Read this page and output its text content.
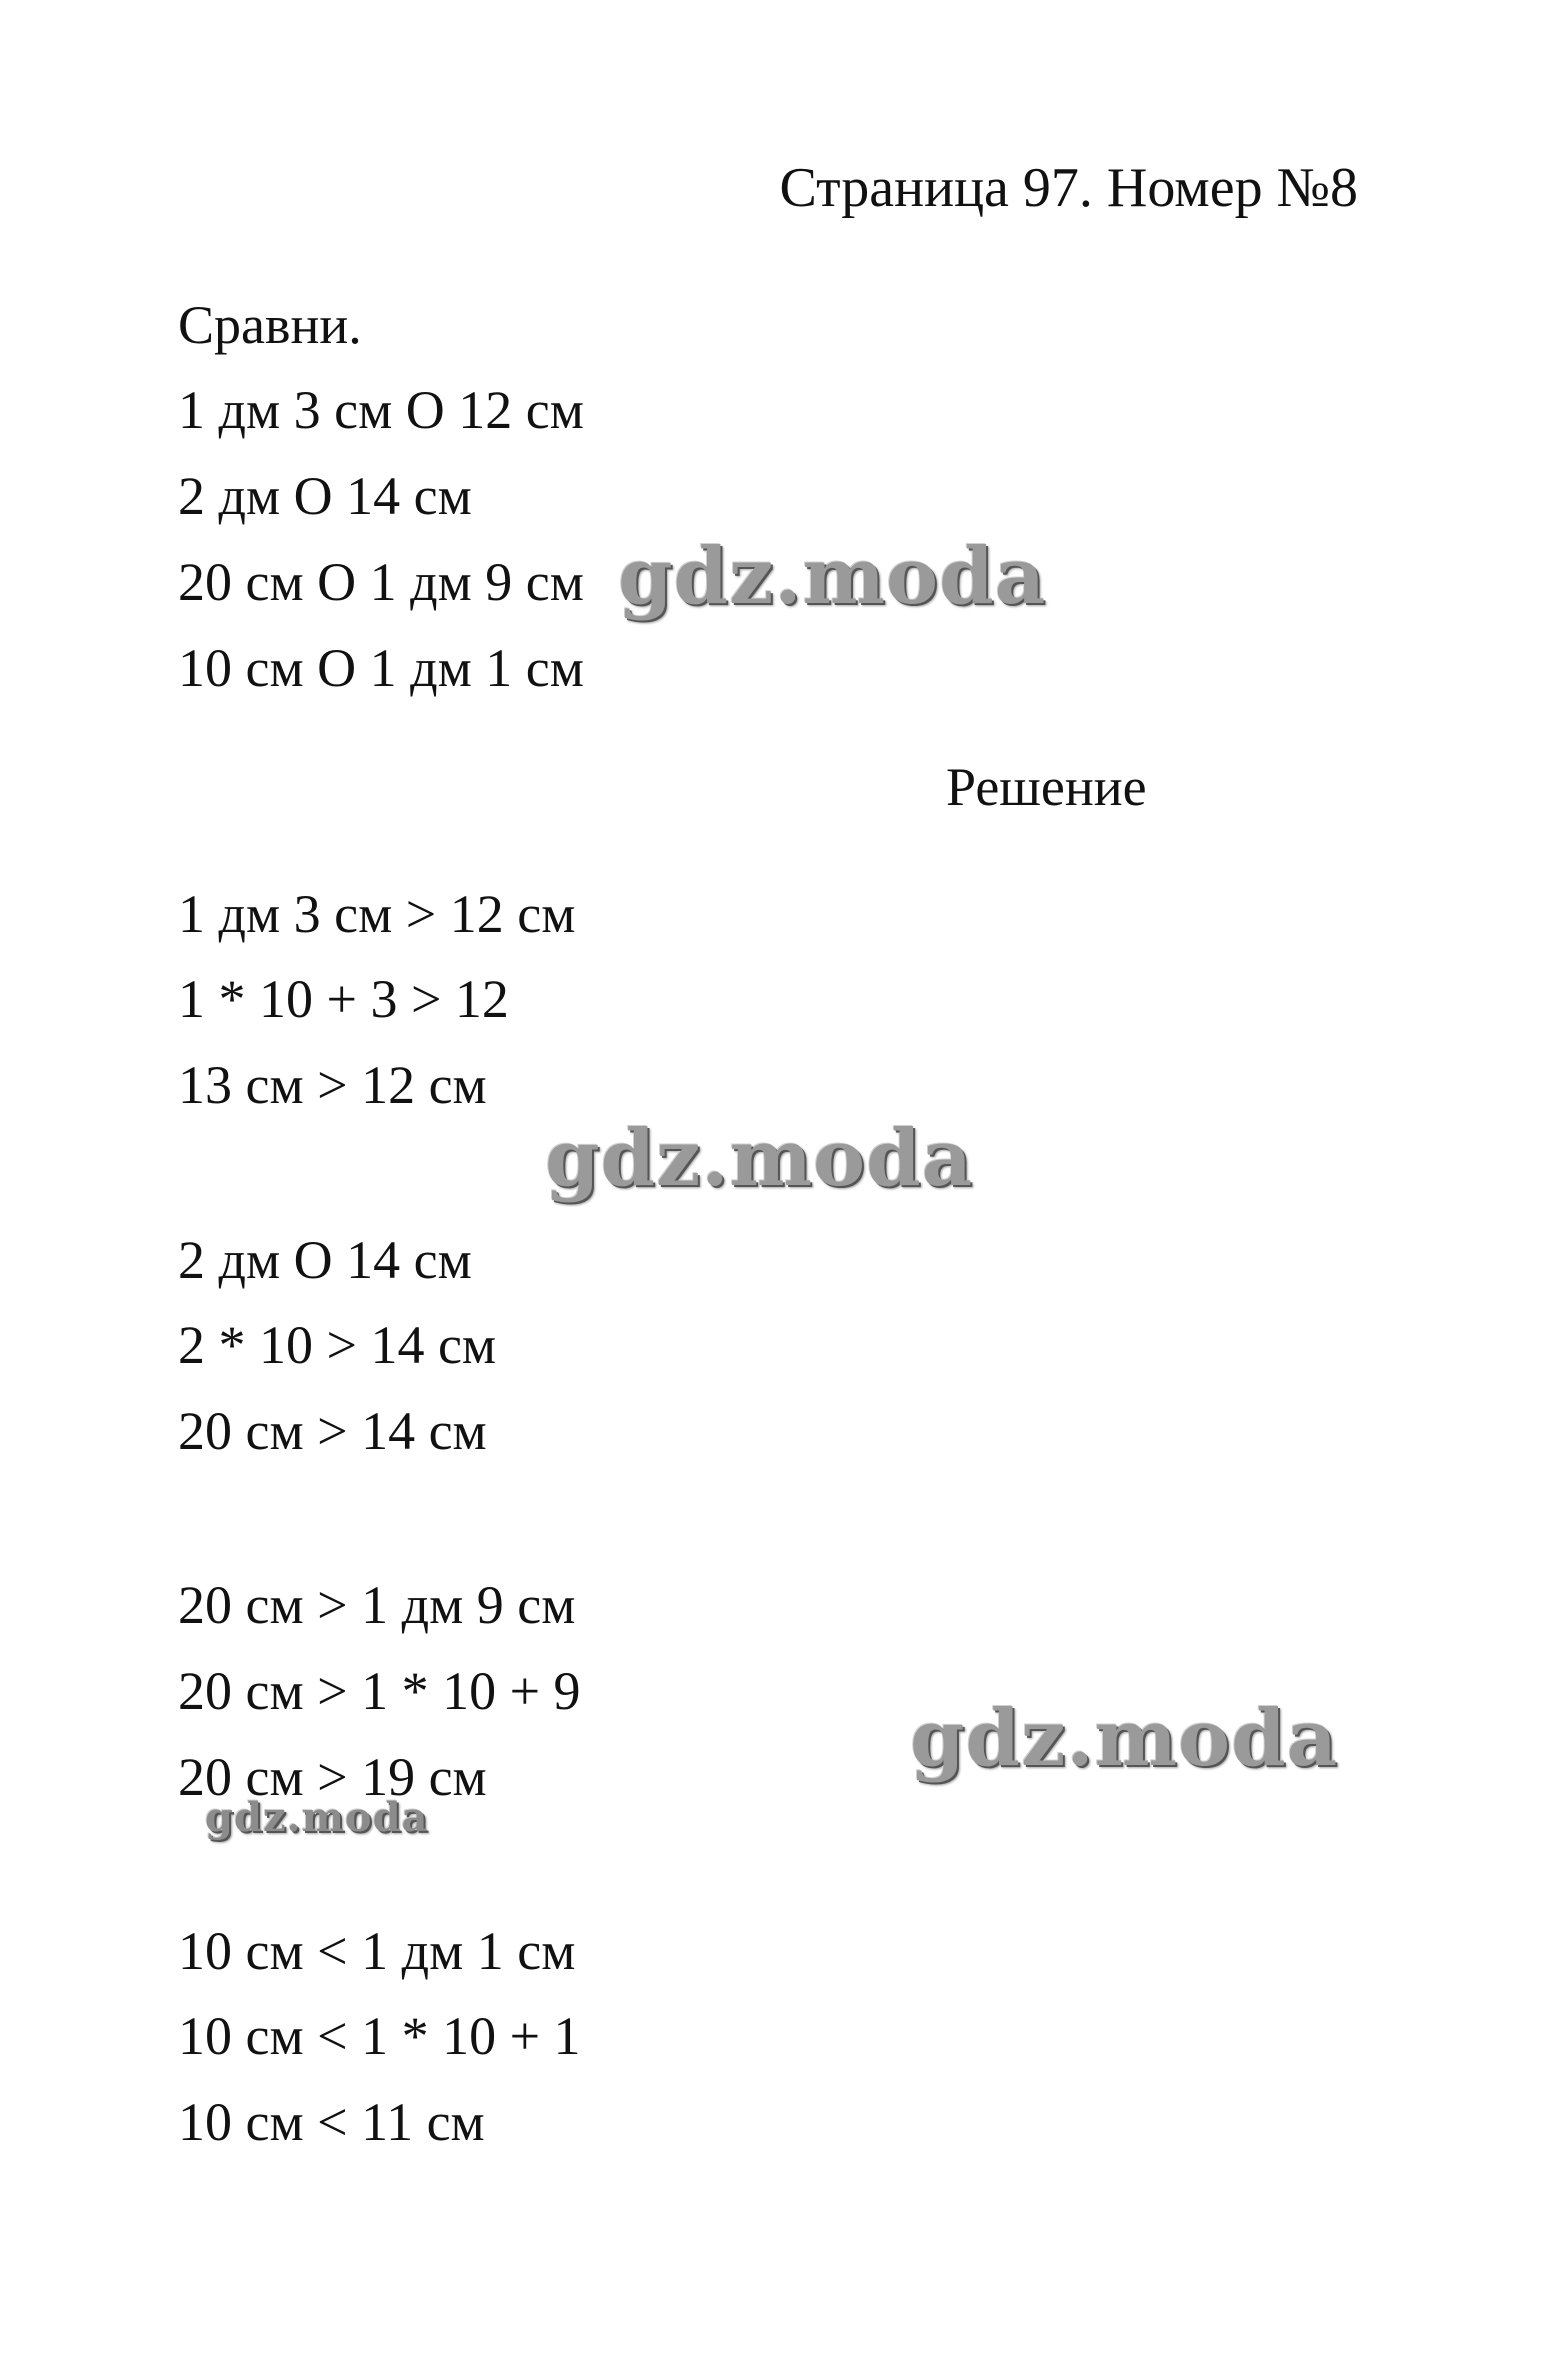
Страница 97. Номер №8
Сравни.
1 дм 3 см О 12 см
2 дм О 14 см
20 см О 1 дм 9 см
10 см О 1 дм 1 см
Решение
1 дм 3 см > 12 см
1 * 10 + 3 > 12
13 см > 12 см
2 дм О 14 см
2 * 10 > 14 см
20 см > 14 см
20 см > 1 дм 9 см
20 см > 1 * 10 + 9
20 см > 19 см
10 см < 1 дм 1 см
10 см < 1 * 10 + 1
10 см < 11 см
gdz.moda
gdz.moda
gdz.moda
gdz.moda
